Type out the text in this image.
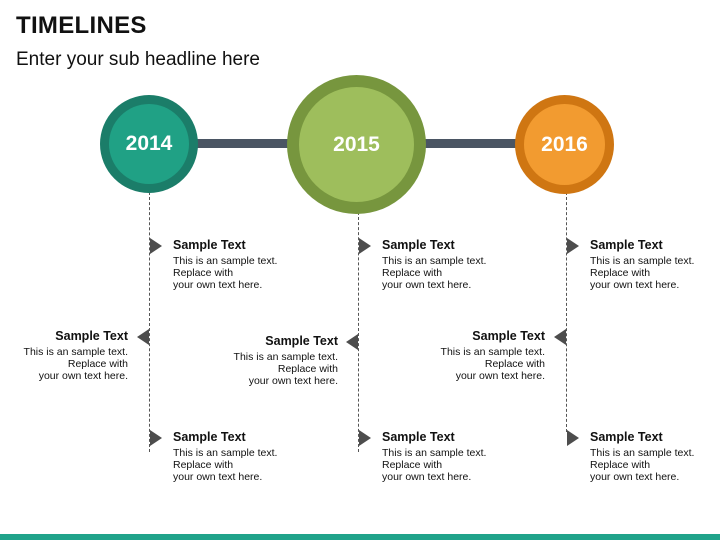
TIMELINES
Enter your sub headline here
2014	2015	2016
Sample Text
This is an sample text.
Replace with
your own text here.
Sample Text
This is an sample text.
Replace with
your own text here.
Sample Text
This is an sample text.
Replace with
your own text here.
Sample Text
This is an sample text.
Replace with
your own text here.
Sample Text
This is an sample text.
Replace with
your own text here.
Sample Text
This is an sample text.
Replace with
your own text here.
Sample Text
This is an sample text.
Replace with
your own text here.
Sample Text
This is an sample text.
Replace with
your own text here.
Sample Text
This is an sample text.
Replace with
your own text here.
